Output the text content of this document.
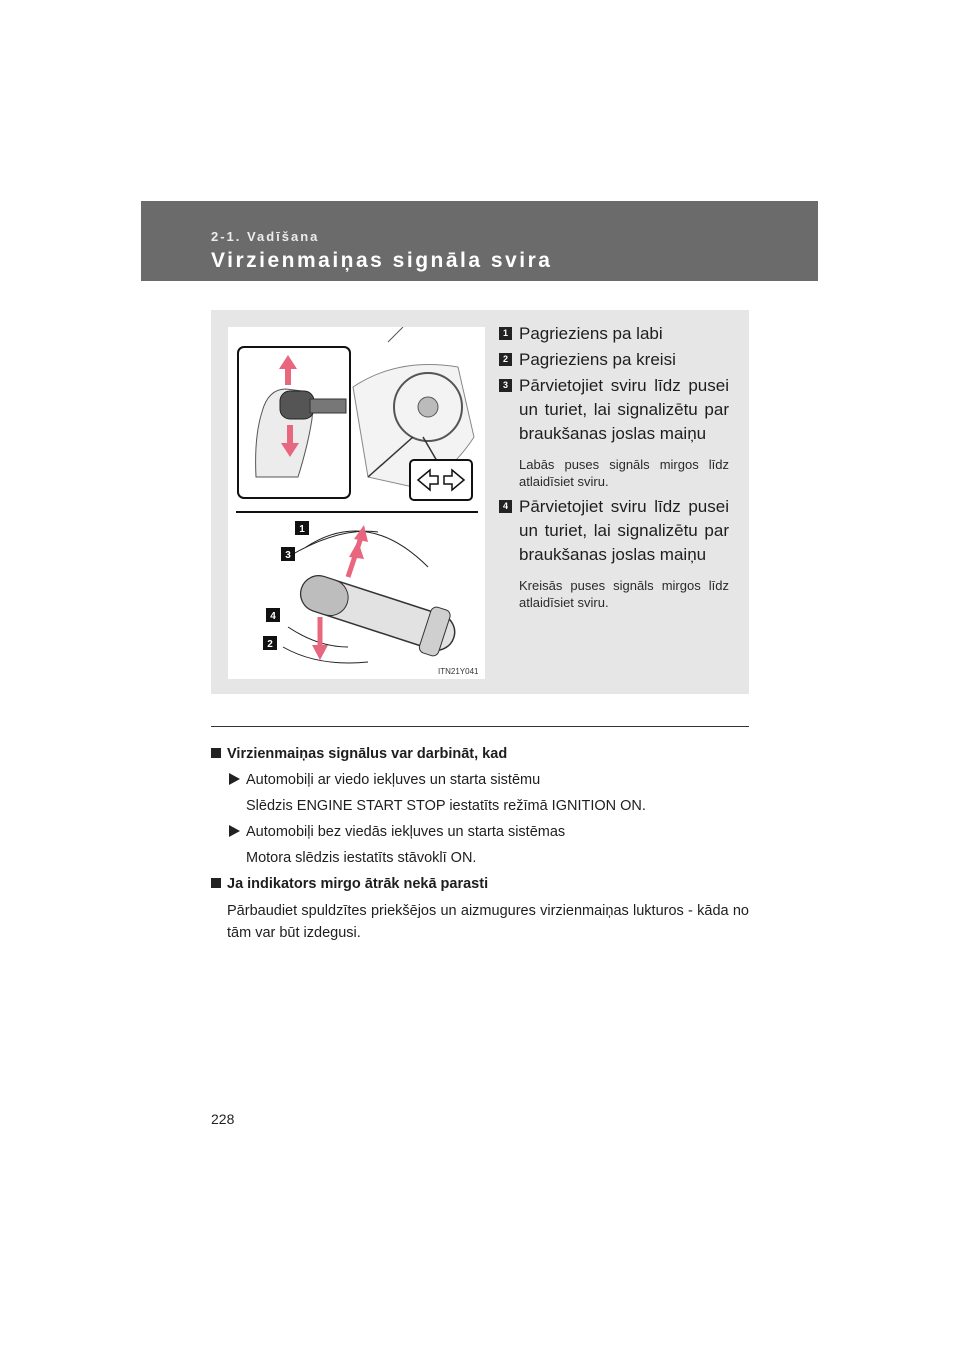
2-1. Vadīšana
Virzienmaiņas signāla svira
1
3
4
2
ITN21Y041
1 Pagrieziens pa labi
2 Pagrieziens pa kreisi
3 Pārvietojiet sviru līdz pusei un turiet, lai signalizētu par braukšanas joslas maiņu
Labās puses signāls mirgos līdz atlaidīsiet sviru.
4 Pārvietojiet sviru līdz pusei un turiet, lai signalizētu par braukšanas joslas maiņu
Kreisās puses signāls mirgos līdz atlaidīsiet sviru.

Virzienmaiņas signālus var darbināt, kad

Automobiļi ar viedo iekļuves un starta sistēmu

Slēdzis ENGINE START STOP iestatīts režīmā IGNITION ON.

Automobiļi bez viedās iekļuves un starta sistēmas

Motora slēdzis iestatīts stāvoklī ON.

Ja indikators mirgo ātrāk nekā parasti

Pārbaudiet spuldzītes priekšējos un aizmugures virzienmaiņas lukturos - kāda no tām var būt izdegusi.

228
